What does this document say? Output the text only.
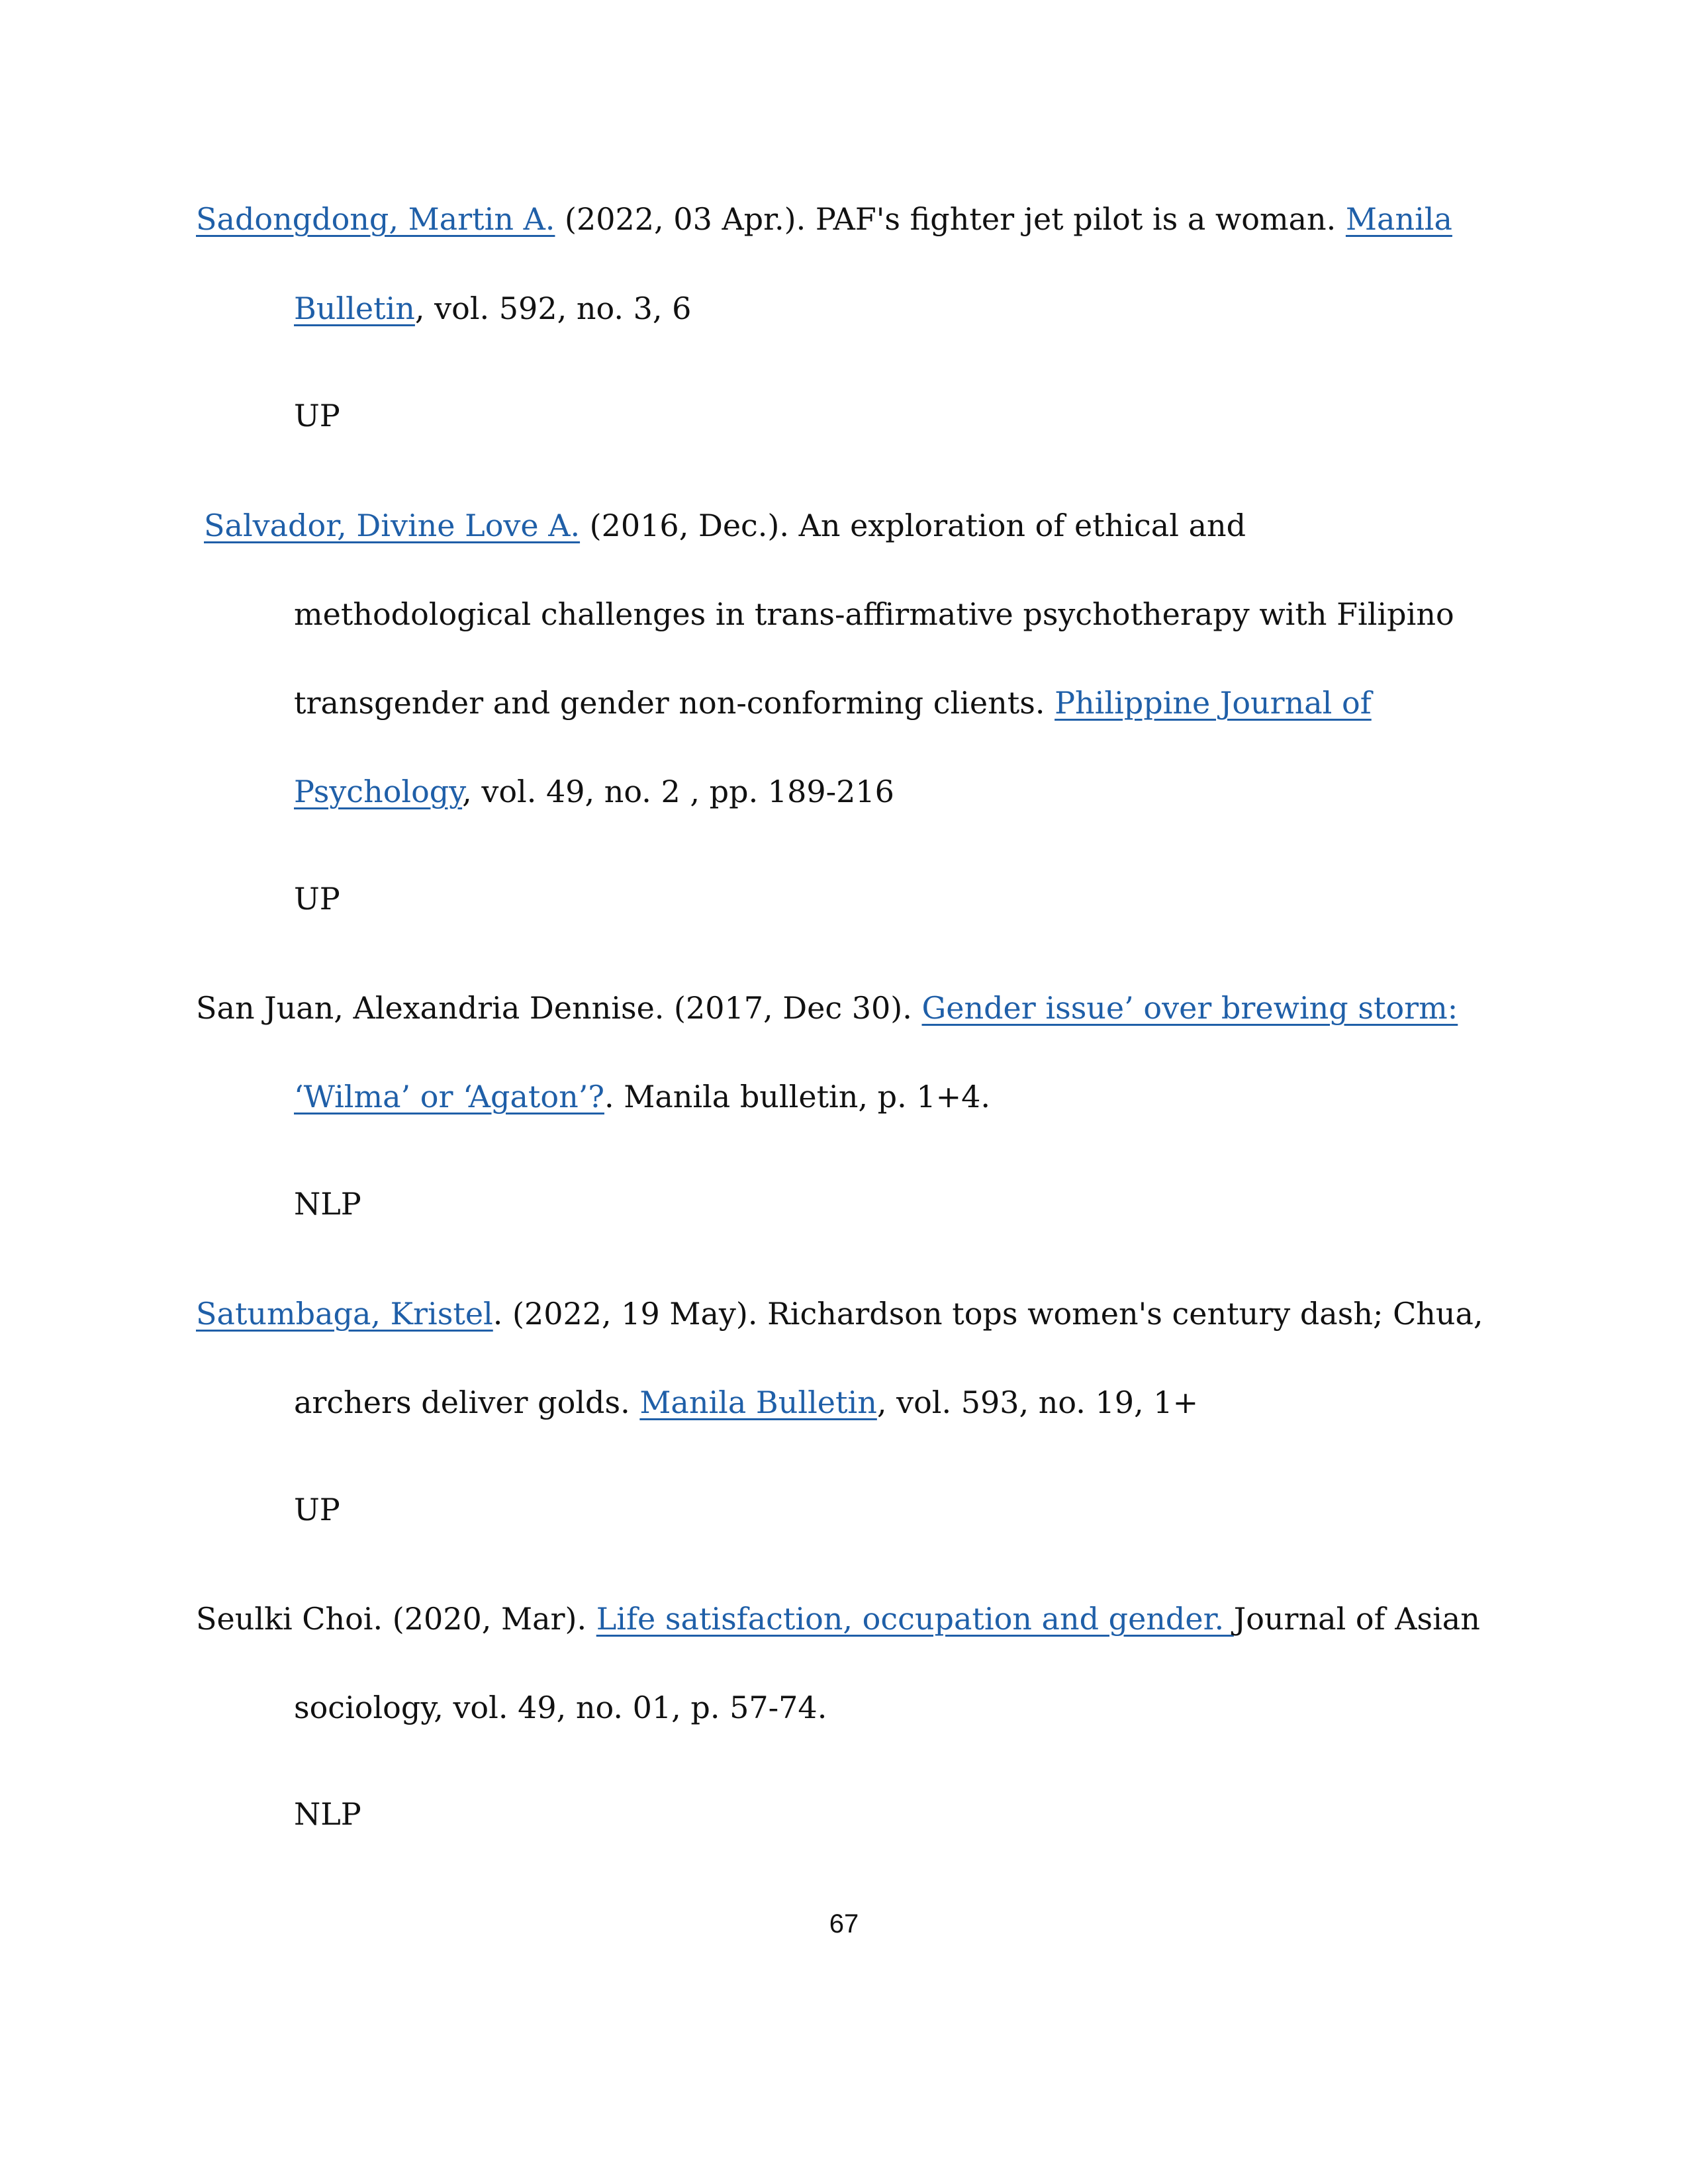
Sadongdong, Martin A. (2022, 03 Apr.). PAF's fighter jet pilot is a woman. Manila
Bulletin, vol. 592, no. 3, 6
UP
Salvador, Divine Love A. (2016, Dec.). An exploration of ethical and
methodological challenges in trans-affirmative psychotherapy with Filipino
transgender and gender non-conforming clients. Philippine Journal of
Psychology, vol. 49, no. 2 , pp. 189-216
UP
San Juan, Alexandria Dennise. (2017, Dec 30). Gender issue’ over brewing storm:
‘Wilma’ or ‘Agaton’?. Manila bulletin, p. 1+4.
NLP
Satumbaga, Kristel. (2022, 19 May). Richardson tops women's century dash; Chua,
archers deliver golds. Manila Bulletin, vol. 593, no. 19, 1+
UP
Seulki Choi. (2020, Mar). Life satisfaction, occupation and gender. Journal of Asian
sociology, vol. 49, no. 01, p. 57-74.
NLP
67
